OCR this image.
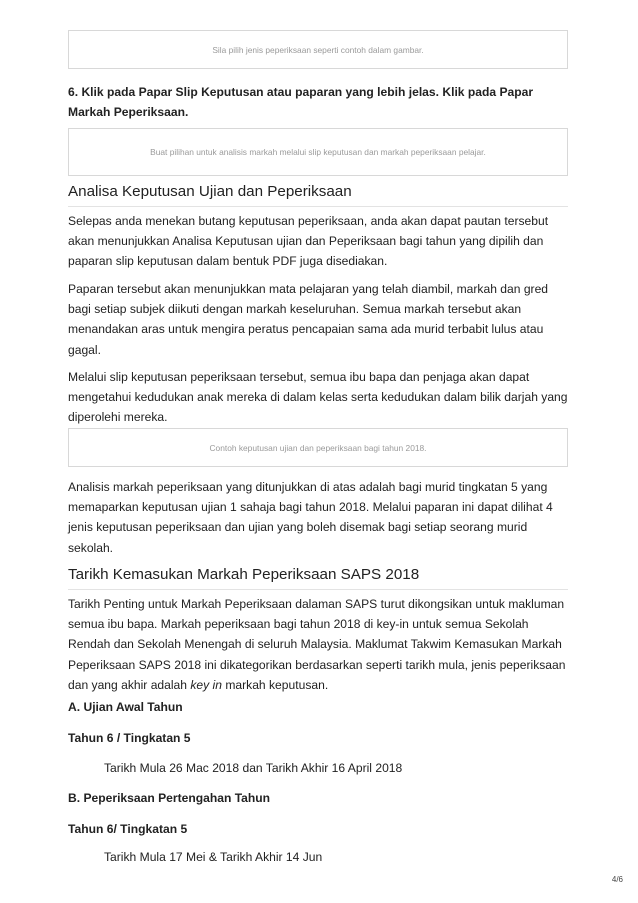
Sila pilih jenis peperiksaan seperti contoh dalam gambar.
6. Klik pada Papar Slip Keputusan atau paparan yang lebih jelas. Klik pada Papar
Markah Peperiksaan.
Buat pilihan untuk analisis markah melalui slip keputusan dan markah peperiksaan pelajar.
Analisa Keputusan Ujian dan Peperiksaan

Selepas anda menekan butang keputusan peperiksaan, anda akan dapat pautan tersebut akan menunjukkan Analisa Keputusan ujian dan Peperiksaan bagi tahun yang dipilih dan paparan slip keputusan dalam bentuk PDF juga disediakan.

Paparan tersebut akan menunjukkan mata pelajaran yang telah diambil, markah dan gred bagi setiap subjek diikuti dengan markah keseluruhan. Semua markah tersebut akan menandakan aras untuk mengira peratus pencapaian sama ada murid terbabit lulus atau gagal.

Melalui slip keputusan peperiksaan tersebut, semua ibu bapa dan penjaga akan dapat mengetahui kedudukan anak mereka di dalam kelas serta kedudukan dalam bilik darjah yang diperolehi mereka.

Contoh keputusan ujian dan peperiksaan bagi tahun 2018.

Analisis markah peperiksaan yang ditunjukkan di atas adalah bagi murid tingkatan 5 yang memaparkan keputusan ujian 1 sahaja bagi tahun 2018. Melalui paparan ini dapat dilihat 4 jenis keputusan peperiksaan dan ujian yang boleh disemak bagi setiap seorang murid sekolah.

Tarikh Kemasukan Markah Peperiksaan SAPS 2018

Tarikh Penting untuk Markah Peperiksaan dalaman SAPS turut dikongsikan untuk makluman semua ibu bapa. Markah peperiksaan bagi tahun 2018 di key-in untuk semua Sekolah Rendah dan Sekolah Menengah di seluruh Malaysia. Maklumat Takwim Kemasukan Markah Peperiksaan SAPS 2018 ini dikategorikan berdasarkan seperti tarikh mula, jenis peperiksaan dan yang akhir adalah key in markah keputusan.

A. Ujian Awal Tahun
Tahun 6 / Tingkatan 5
Tarikh Mula 26 Mac 2018 dan Tarikh Akhir 16 April 2018
B. Peperiksaan Pertengahan Tahun
Tahun 6/ Tingkatan 5
Tarikh Mula 17 Mei & Tarikh Akhir 14 Jun
4/6
